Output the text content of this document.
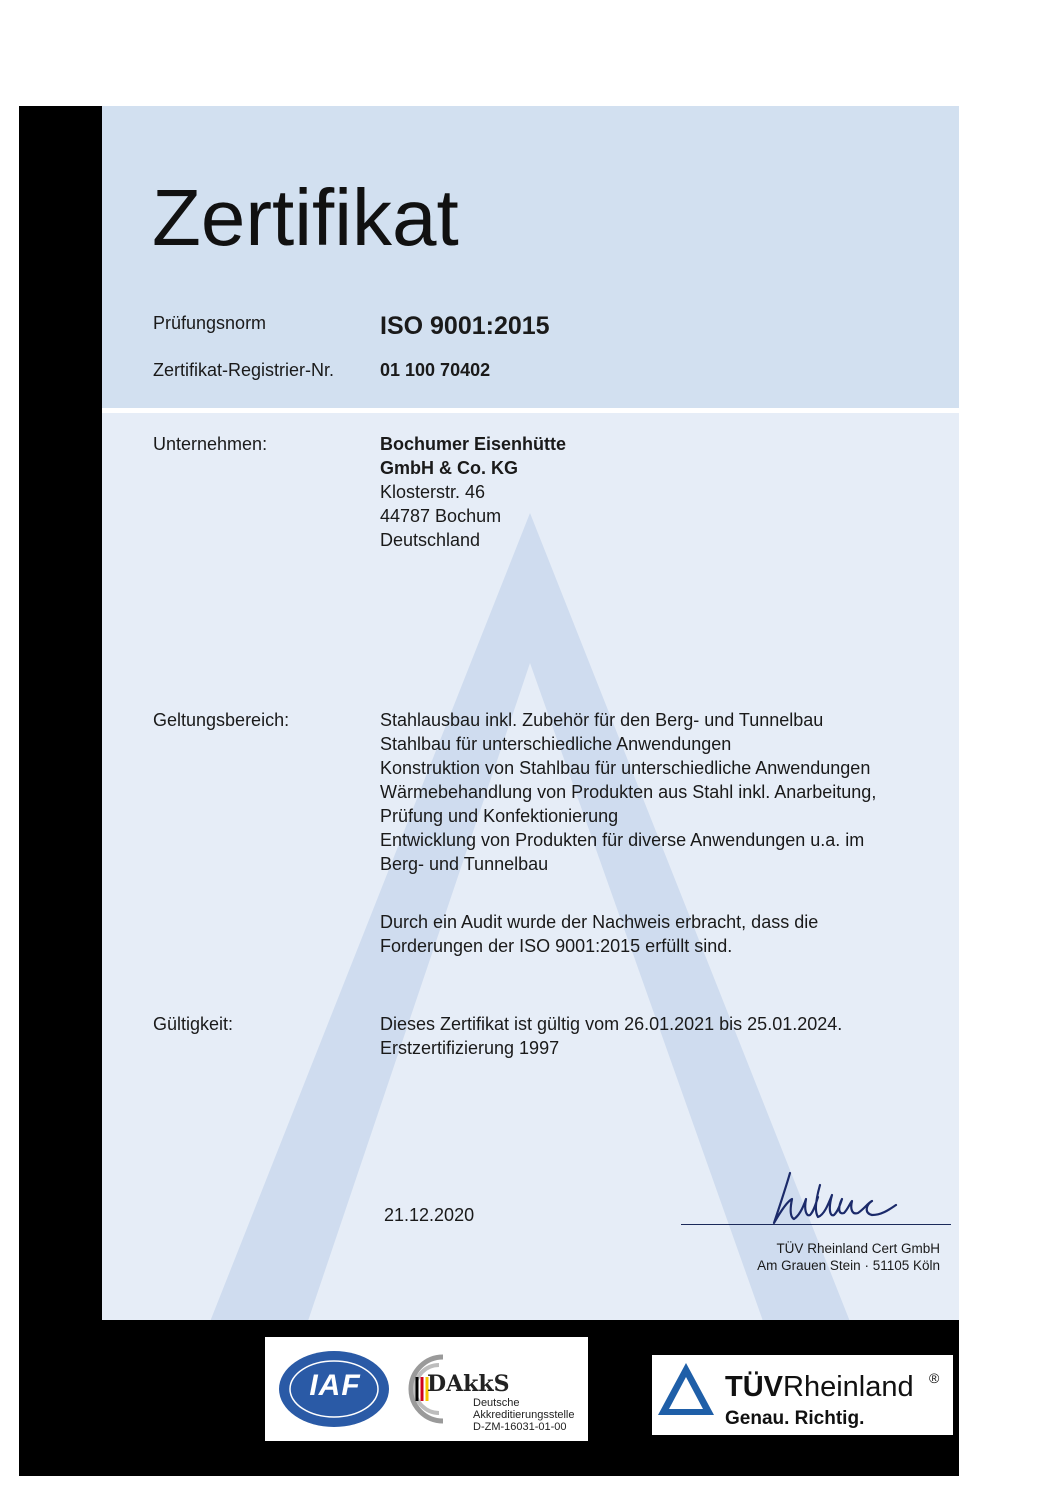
Zertifikat
Prüfungsnorm	ISO 9001:2015
Zertifikat-Registrier-Nr.	01 100 70402
Unternehmen:	Bochumer Eisenhütte
GmbH & Co. KG
Klosterstr. 46
44787 Bochum
Deutschland
Geltungsbereich:	Stahlausbau inkl. Zubehör für den Berg- und Tunnelbau
Stahlbau für unterschiedliche Anwendungen
Konstruktion von Stahlbau für unterschiedliche Anwendungen
Wärmebehandlung von Produkten aus Stahl inkl. Anarbeitung,
Prüfung und Konfektionierung
Entwicklung von Produkten für diverse Anwendungen u.a. im
Berg- und Tunnelbau
Durch ein Audit wurde der Nachweis erbracht, dass die
Forderungen der ISO 9001:2015 erfüllt sind.
Gültigkeit:	Dieses Zertifikat ist gültig vom 26.01.2021 bis 25.01.2024.
Erstzertifizierung 1997
21.12.2020
TÜV Rheinland Cert GmbH
Am Grauen Stein · 51105 Köln
IAF	DAkkS
Deutsche
Akkreditierungsstelle
D-ZM-16031-01-00
TÜVRheinland ®
Genau. Richtig.
